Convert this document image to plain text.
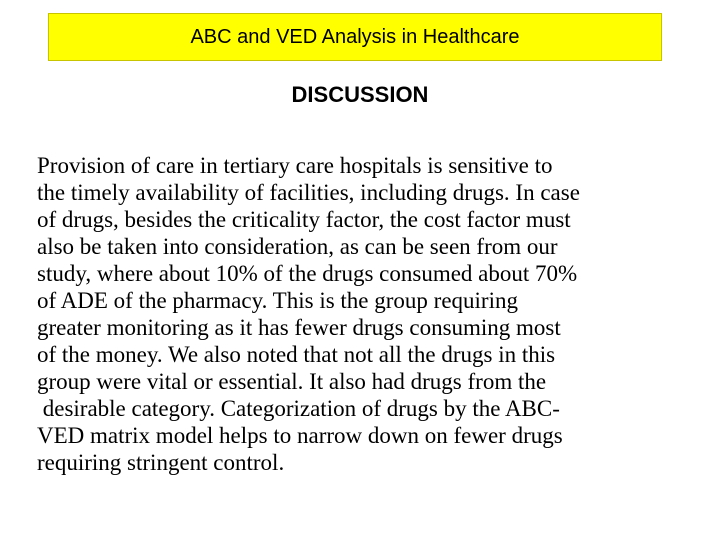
ABC and VED Analysis in Healthcare
DISCUSSION
Provision of care in tertiary care hospitals is sensitive to
the timely availability of facilities, including drugs. In case
of drugs, besides the criticality factor, the cost factor must
also be taken into consideration, as can be seen from our
study, where about 10% of the drugs consumed about 70%
of ADE of the pharmacy. This is the group requiring
greater monitoring as it has fewer drugs consuming most
of the money. We also noted that not all the drugs in this
group were vital or essential. It also had drugs from the
desirable category. Categorization of drugs by the ABC-
VED matrix model helps to narrow down on fewer drugs
requiring stringent control.
